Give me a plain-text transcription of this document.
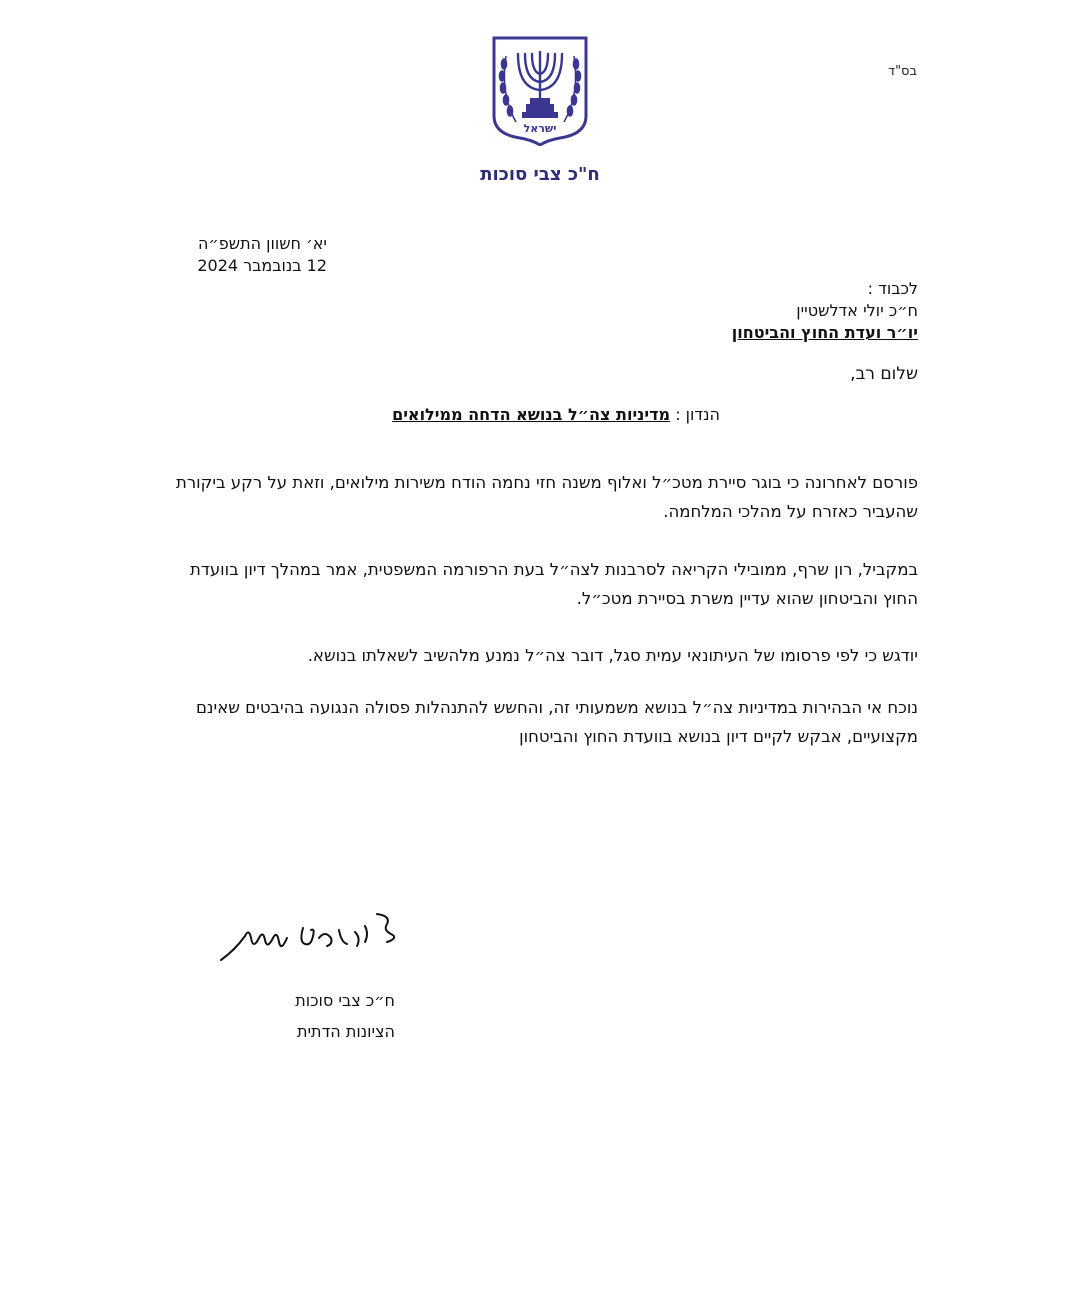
בס"ד
ישראל
ח"כ צבי סוכות
יא׳ חשוון התשפ״ה
12 בנובמבר 2024
לכבוד :
ח״כ יולי אדלשטיין
יו״ר ועדת החוץ והביטחון
שלום רב,
הנדון : מדיניות צה״ל בנושא הדחה ממילואים
פורסם לאחרונה כי בוגר סיירת מטכ״ל ואלוף משנה חזי נחמה הודח משירות מילואים, וזאת על רקע ביקורת שהעביר כאזרח על מהלכי המלחמה.
במקביל, רון שרף, ממובילי הקריאה לסרבנות לצה״ל בעת הרפורמה המשפטית, אמר במהלך דיון בוועדת החוץ והביטחון שהוא עדיין משרת בסיירת מטכ״ל.
יודגש כי לפי פרסומו של העיתונאי עמית סגל, דובר צה״ל נמנע מלהשיב לשאלתו בנושא.
נוכח אי הבהירות במדיניות צה״ל בנושא משמעותי זה, והחשש להתנהלות פסולה הנגועה בהיבטים שאינם מקצועיים, אבקש לקיים דיון בנושא בוועדת החוץ והביטחון
ח״כ צבי סוכות
הציונות הדתית
